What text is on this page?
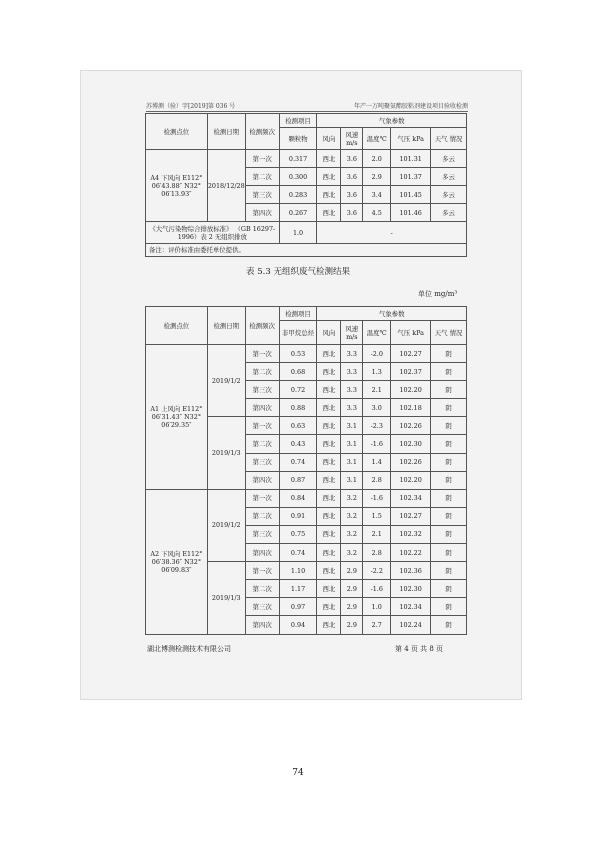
苏博测（验）字[2019]第 036 号	年产一万吨聚氨酯胶粘剂建设项目验收检测
检测点位	检测日期	检测频次	检测项目	气象参数				
			颗粒物	风向	风速 m/s	温度℃	气压 kPa	天气 情况
A4 下风向 E112° 06′43.88″ N32° 06′13.93″	2018/12/28	第一次	0.317	西北	3.6	2.0	101.31	多云
		第二次	0.300	西北	3.6	2.9	101.37	多云
		第三次	0.283	西北	3.6	3.4	101.45	多云
		第四次	0.267	西北	3.6	4.5	101.46	多云
《大气污染物综合排放标准》 （GB 16297-1996）表 2 无组织排放			1.0	-				
备注：评价标准由委托单位提供。								
表 5.3 无组织废气检测结果
单位 mg/m³
检测点位	检测日期	检测频次	检测项目	气象参数				
			非甲烷总烃	风向	风速 m/s	温度℃	气压 kPa	天气 情况
A1 上风向 E112° 06′31.43″ N32° 06′29.35″	2019/1/2	第一次	0.53	西北	3.3	-2.0	102.27	阴
		第二次	0.68	西北	3.3	1.3	102.37	阴
		第三次	0.72	西北	3.3	2.1	102.20	阴
		第四次	0.88	西北	3.3	3.0	102.18	阴
	2019/1/3	第一次	0.63	西北	3.1	-2.3	102.26	阴
		第二次	0.43	西北	3.1	-1.6	102.30	阴
		第三次	0.74	西北	3.1	1.4	102.26	阴
		第四次	0.87	西北	3.1	2.8	102.20	阴
A2 下风向 E112° 06′38.36″ N32° 06′09.83″	2019/1/2	第一次	0.84	西北	3.2	-1.6	102.34	阴
		第二次	0.91	西北	3.2	1.5	102.27	阴
		第三次	0.75	西北	3.2	2.1	102.32	阴
		第四次	0.74	西北	3.2	2.8	102.22	阴
	2019/1/3	第一次	1.10	西北	2.9	-2.2	102.36	阴
		第二次	1.17	西北	2.9	-1.6	102.30	阴
		第三次	0.97	西北	2.9	1.0	102.34	阴
		第四次	0.94	西北	2.9	2.7	102.24	阴
湖北博测检测技术有限公司	第 4 页 共 8 页
74
